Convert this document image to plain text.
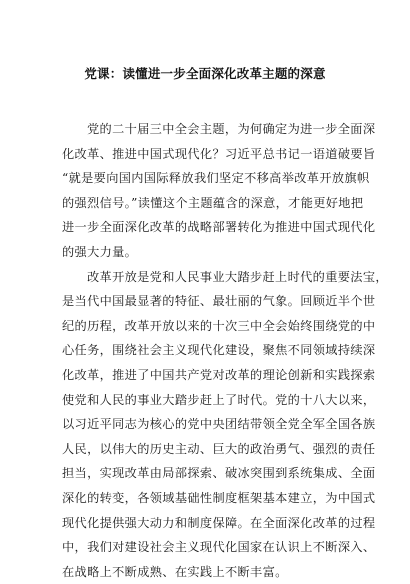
党课：读懂进一步全面深化改革主题的深意
党的二十届三中全会主题，为何确定为进一步全面深
化改革、推进中国式现代化？习近平总书记一语道破要旨
“就是要向国内国际释放我们坚定不移高举改革开放旗帜
的强烈信号。”读懂这个主题蕴含的深意，才能更好地把
进一步全面深化改革的战略部署转化为推进中国式现代化
的强大力量。
改革开放是党和人民事业大踏步赶上时代的重要法宝，
是当代中国最显著的特征、最壮丽的气象。回顾近半个世
纪的历程，改革开放以来的十次三中全会始终围绕党的中
心任务，围绕社会主义现代化建设，聚焦不同领域持续深
化改革，推进了中国共产党对改革的理论创新和实践探索
使党和人民的事业大踏步赶上了时代。党的十八大以来，
以习近平同志为核心的党中央团结带领全党全军全国各族
人民，以伟大的历史主动、巨大的政治勇气、强烈的责任
担当，实现改革由局部探索、破冰突围到系统集成、全面
深化的转变，各领域基础性制度框架基本建立，为中国式
现代化提供强大动力和制度保障。在全面深化改革的过程
中，我们对建设社会主义现代化国家在认识上不断深入、
在战略上不断成熟、在实践上不断丰富。
